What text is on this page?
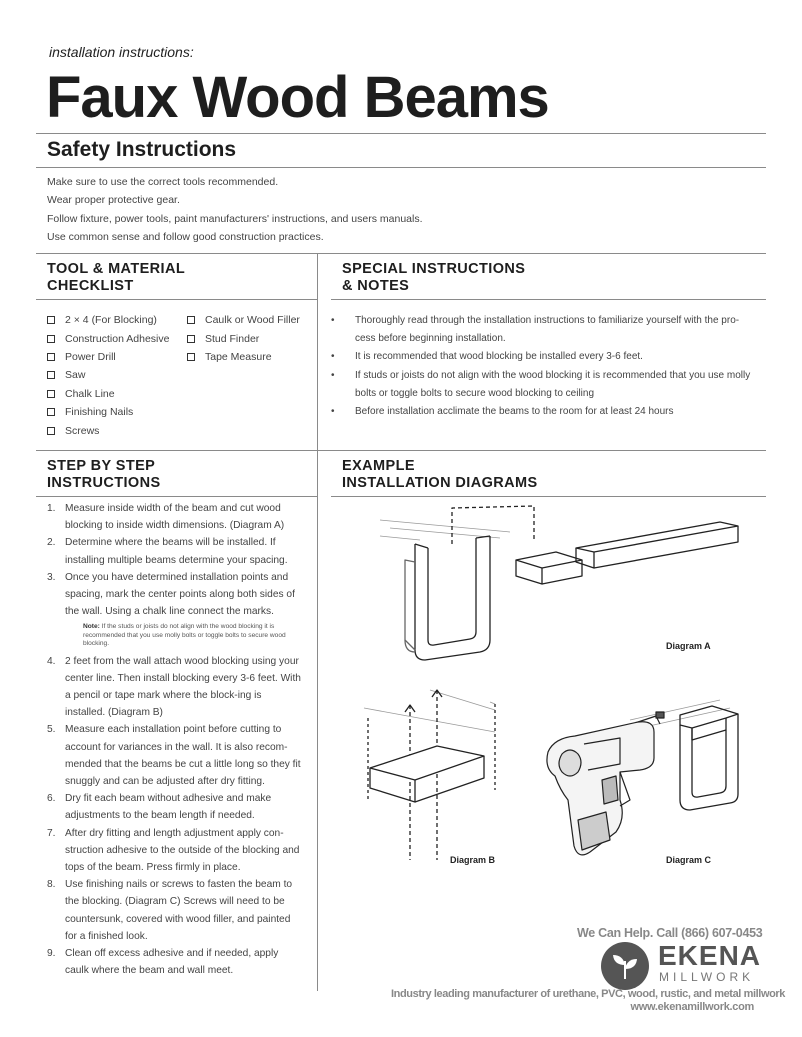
installation instructions:
Faux Wood Beams
Safety Instructions
Make sure to use the correct tools recommended.
Wear proper protective gear.
Follow fixture, power tools, paint manufacturers' instructions, and users manuals.
Use common sense and follow good construction practices.
TOOL & MATERIAL
CHECKLIST
2 × 4 (For Blocking)
Construction Adhesive
Power Drill
Saw
Chalk Line
Finishing Nails
Screws
Caulk or Wood Filler
Stud Finder
Tape Measure
SPECIAL INSTRUCTIONS
& NOTES
• Thoroughly read through the installation instructions to familiarize yourself with the pro-cess before beginning installation.
• It is recommended that wood blocking be installed every 3-6 feet.
• If studs or joists do not align with the wood blocking it is recommended that you use molly bolts or toggle bolts to secure wood blocking to ceiling
• Before installation acclimate the beams to the room for at least 24 hours
STEP BY STEP
INSTRUCTIONS
1. Measure inside width of the beam and cut wood blocking to inside width dimensions. (Diagram A)
2. Determine where the beams will be installed. If installing multiple beams determine your spacing.
3. Once you have determined installation points and spacing, mark the center points along both sides of the wall. Using a chalk line connect the marks.
Note: If the studs or joists do not align with the wood blocking it is recommended that you use molly bolts or toggle bolts to secure wood blocking.
4. 2 feet from the wall attach wood blocking using your center line. Then install blocking every 3-6 feet. With a pencil or tape mark where the block-ing is installed. (Diagram B)
5. Measure each installation point before cutting to account for variances in the wall. It is also recom-mended that the beams be cut a little long so they fit snuggly and can be adjusted after dry fitting.
6. Dry fit each beam without adhesive and make adjustments to the beam length if needed.
7. After dry fitting and length adjustment apply con-struction adhesive to the outside of the blocking and tops of the beam. Press firmly in place.
8. Use finishing nails or screws to fasten the beam to the blocking. (Diagram C) Screws will need to be countersunk, covered with wood filler, and painted for a finished look.
9. Clean off excess adhesive and if needed, apply caulk where the beam and wall meet.
EXAMPLE
INSTALLATION DIAGRAMS
Diagram A
Diagram B	Diagram C
We Can Help. Call (866) 607-0453
EKENA
MILLWORK
Industry leading manufacturer of urethane, PVC, wood, rustic, and metal millwork
www.ekenamillwork.com
